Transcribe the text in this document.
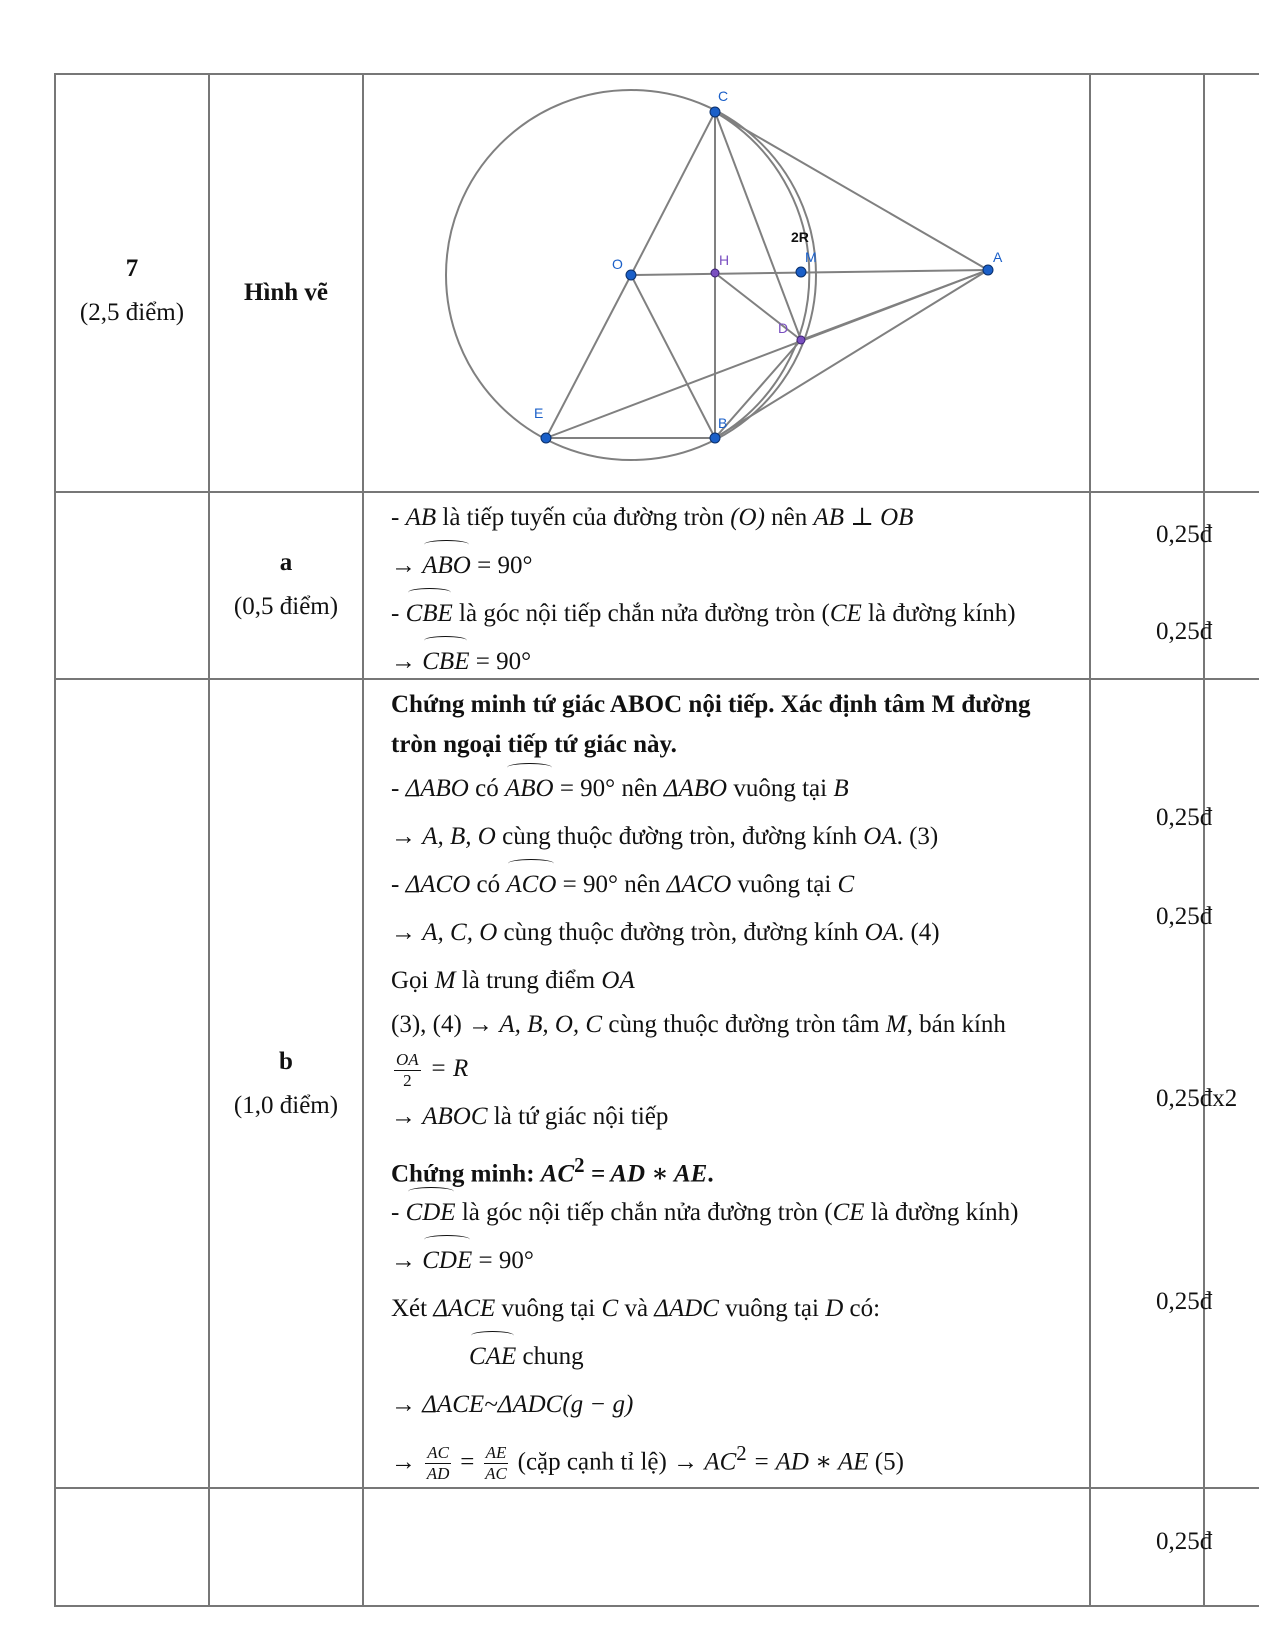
7
(2,5 điểm)
Hình vẽ
C
O	H	M
2R
A
D
E
B
a
(0,5 điểm)
- AB là tiếp tuyến của đường tròn (O) nên AB ⊥ OB
→ ABO = 90°
- CBE là góc nội tiếp chắn nửa đường tròn (CE là đường kính)
→ CBE = 90°
0,25đ
0,25đ
b
(1,0 điểm)
Chứng minh tứ giác ABOC nội tiếp. Xác định tâm M đường
tròn ngoại tiếp tứ giác này.
- ΔABO có ABO = 90° nên ΔABO vuông tại B
→ A, B, O cùng thuộc đường tròn, đường kính OA. (3)
- ΔACO có ACO = 90° nên ΔACO vuông tại C
→ A, C, O cùng thuộc đường tròn, đường kính OA. (4)
Gọi M là trung điểm OA
(3), (4) → A, B, O, C cùng thuộc đường tròn tâm M, bán kính
$\frac{OA}{2} = R$
→ ABOC là tứ giác nội tiếp
Chứng minh: $AC^2$ = AD ∗ AE.
- CDE là góc nội tiếp chắn nửa đường tròn (CE là đường kính)
→ CDE = 90°
Xét ΔACE vuông tại C và ΔADC vuông tại D có:
CAE chung
→ ΔACE~ΔADC(g − g)
→ $\frac{AC}{AD} = \frac{AE}{AC}$ (cặp cạnh tỉ lệ) → $AC^2$ = AD ∗ AE (5)
0,25đ
0,25đ
0,25đx2
0,25đ
0,25đ
